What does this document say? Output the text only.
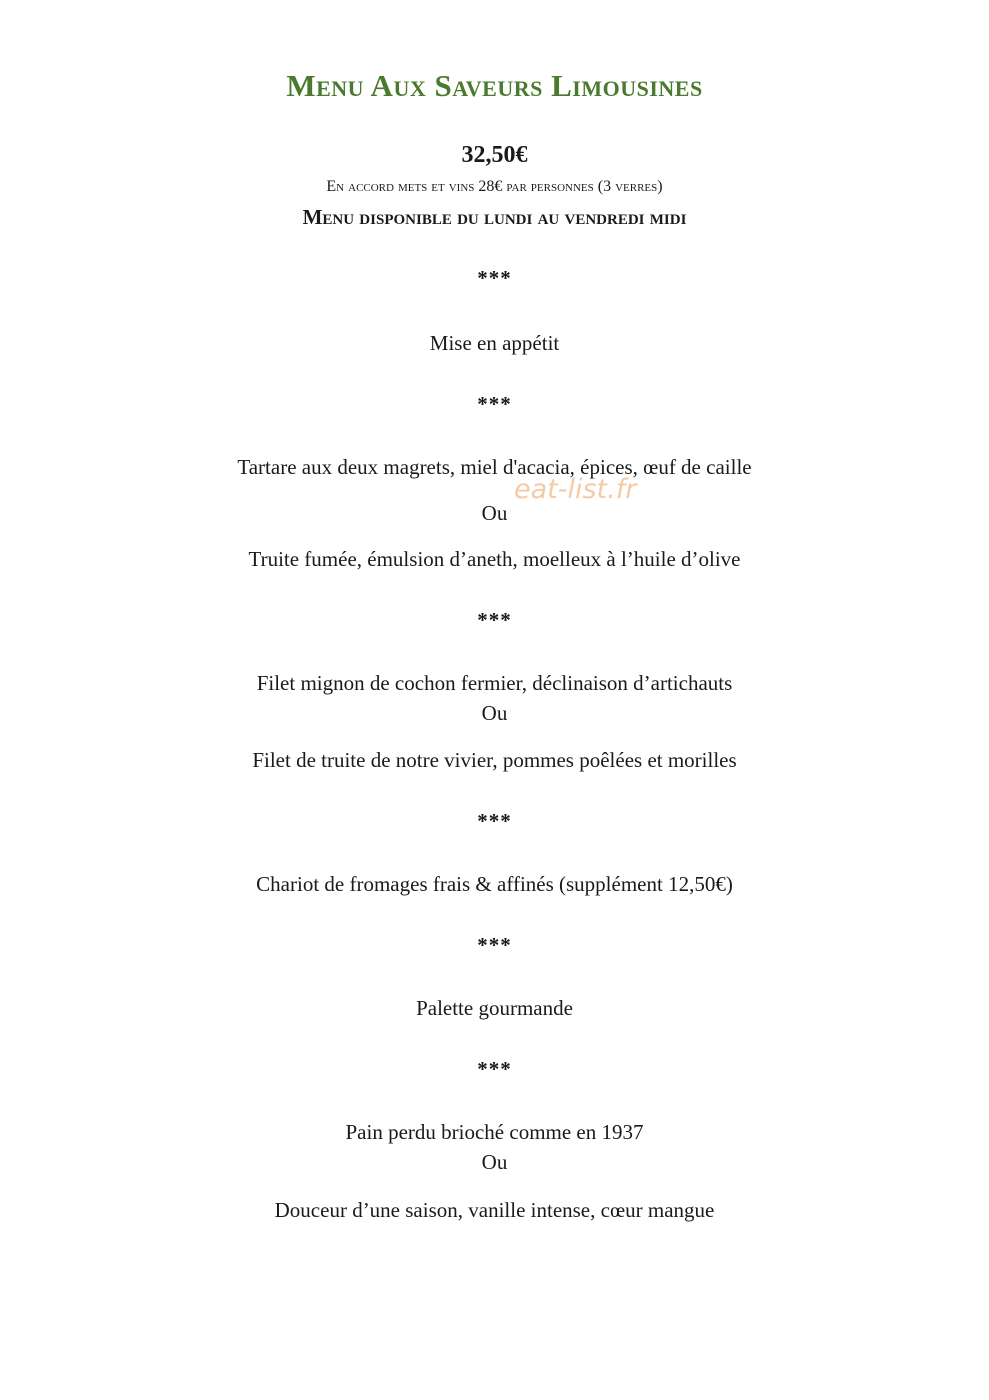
Menu Aux Saveurs Limousines
32,50€
En accord mets et vins 28€ par personnes (3 verres)
Menu disponible du lundi au vendredi midi
***
Mise en appétit
***
Tartare aux deux magrets, miel d'acacia, épices, œuf de caille
Ou
Truite fumée, émulsion d’aneth, moelleux à l’huile d’olive
***
Filet mignon de cochon fermier, déclinaison d’artichauts
Ou
Filet de truite de notre vivier, pommes poêlées et morilles
***
Chariot de fromages frais & affinés (supplément 12,50€)
***
Palette gourmande
***
Pain perdu brioché comme en 1937
Ou
Douceur d’une saison, vanille intense, cœur mangue
eat-list.fr
